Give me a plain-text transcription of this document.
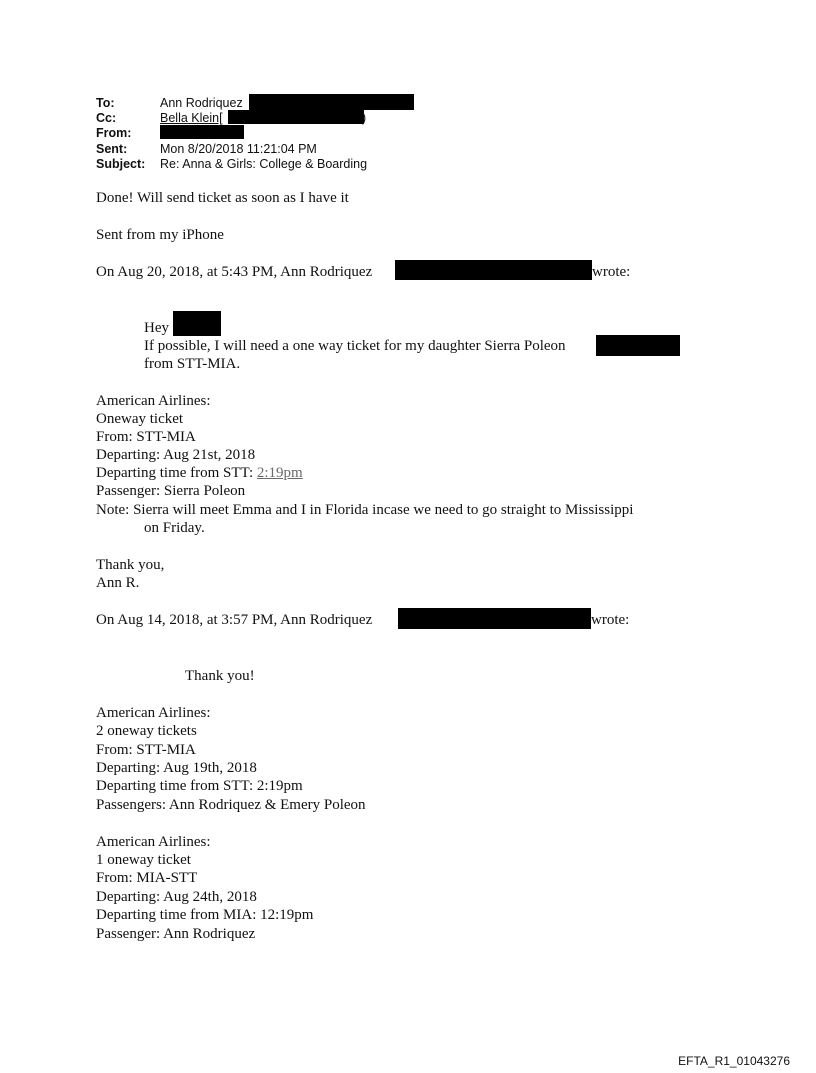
To:	Ann Rodriquez
Cc:	Bella Klein[	)
From:
Sent:	Mon 8/20/2018 11:21:04 PM
Subject: Re: Anna & Girls: College & Boarding
Done! Will send ticket as soon as I have it
Sent from my iPhone
On Aug 20, 2018, at 5:43 PM, Ann Rodriquez	wrote:
Hey
If possible, I will need a one way ticket for my daughter Sierra Poleon
from STT-MIA.
American Airlines:
Oneway ticket
From: STT-MIA
Departing: Aug 21st, 2018
Departing time from STT: 2:19pm
Passenger: Sierra Poleon
Note: Sierra will meet Emma and I in Florida incase we need to go straight to Mississippi
on Friday.
Thank you,
Ann R.
On Aug 14, 2018, at 3:57 PM, Ann Rodriquez	wrote:
Thank you!
American Airlines:
2 oneway tickets
From: STT-MIA
Departing: Aug 19th, 2018
Departing time from STT: 2:19pm
Passengers: Ann Rodriquez & Emery Poleon
American Airlines:
1 oneway ticket
From: MIA-STT
Departing: Aug 24th, 2018
Departing time from MIA: 12:19pm
Passenger: Ann Rodriquez
EFTA_R1_01043276
